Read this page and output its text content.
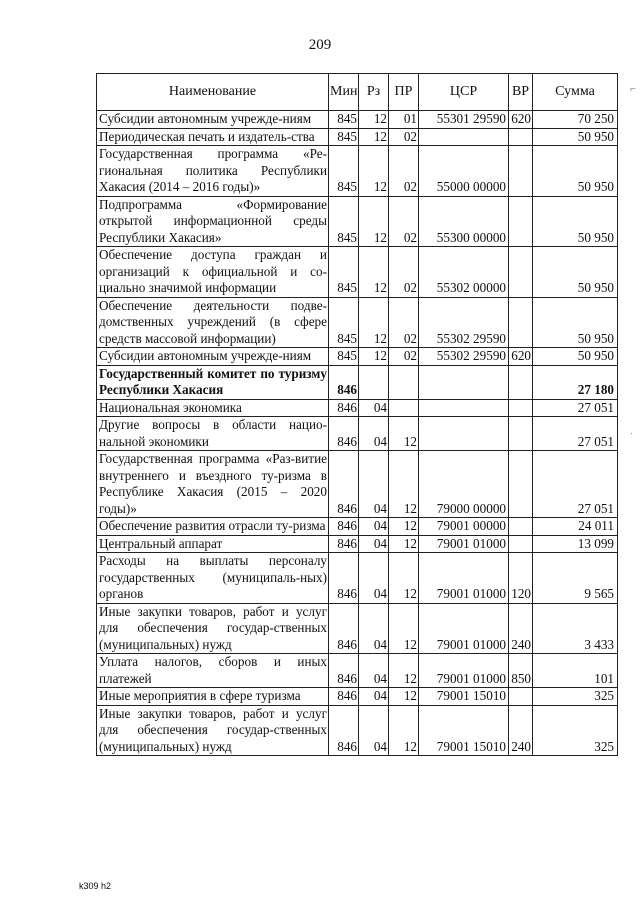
209
Наименование	Мин	Рз	ПР	ЦСР	ВР	Сумма
Субсидии автономным учрежде-ниям	845	12	01	55301 29590	620	70 250
Периодическая печать и издатель-ства	845	12	02			50 950
Государственная программа «Ре-гиональная политика Республики Хакасия (2014 – 2016 годы)»	845	12	02	55000 00000		50 950
Подпрограмма «Формирование открытой информационной среды Республики Хакасия»	845	12	02	55300 00000		50 950
Обеспечение доступа граждан и организаций к официальной и со-циально значимой информации	845	12	02	55302 00000		50 950
Обеспечение деятельности подве-домственных учреждений (в сфере средств массовой информации)	845	12	02	55302 29590		50 950
Субсидии автономным учрежде-ниям	845	12	02	55302 29590	620	50 950
Государственный комитет по туризму Республики Хакасия	846					27 180
Национальная экономика	846	04				27 051
Другие вопросы в области нацио-нальной экономики	846	04	12			27 051
Государственная программа «Раз-витие внутреннего и въездного ту-ризма в Республике Хакасия (2015 – 2020 годы)»	846	04	12	79000 00000		27 051
Обеспечение развития отрасли ту-ризма	846	04	12	79001 00000		24 011
Центральный аппарат	846	04	12	79001 01000		13 099
Расходы на выплаты персоналу государственных (муниципаль-ных) органов	846	04	12	79001 01000	120	9 565
Иные закупки товаров, работ и услуг для обеспечения государ-ственных (муниципальных) нужд	846	04	12	79001 01000	240	3 433
Уплата налогов, сборов и иных платежей	846	04	12	79001 01000	850	101
Иные мероприятия в сфере туризма	846	04	12	79001 15010		325
Иные закупки товаров, работ и услуг для обеспечения государ-ственных (муниципальных) нужд	846	04	12	79001 15010	240	325
k309 h2
⌐
·
